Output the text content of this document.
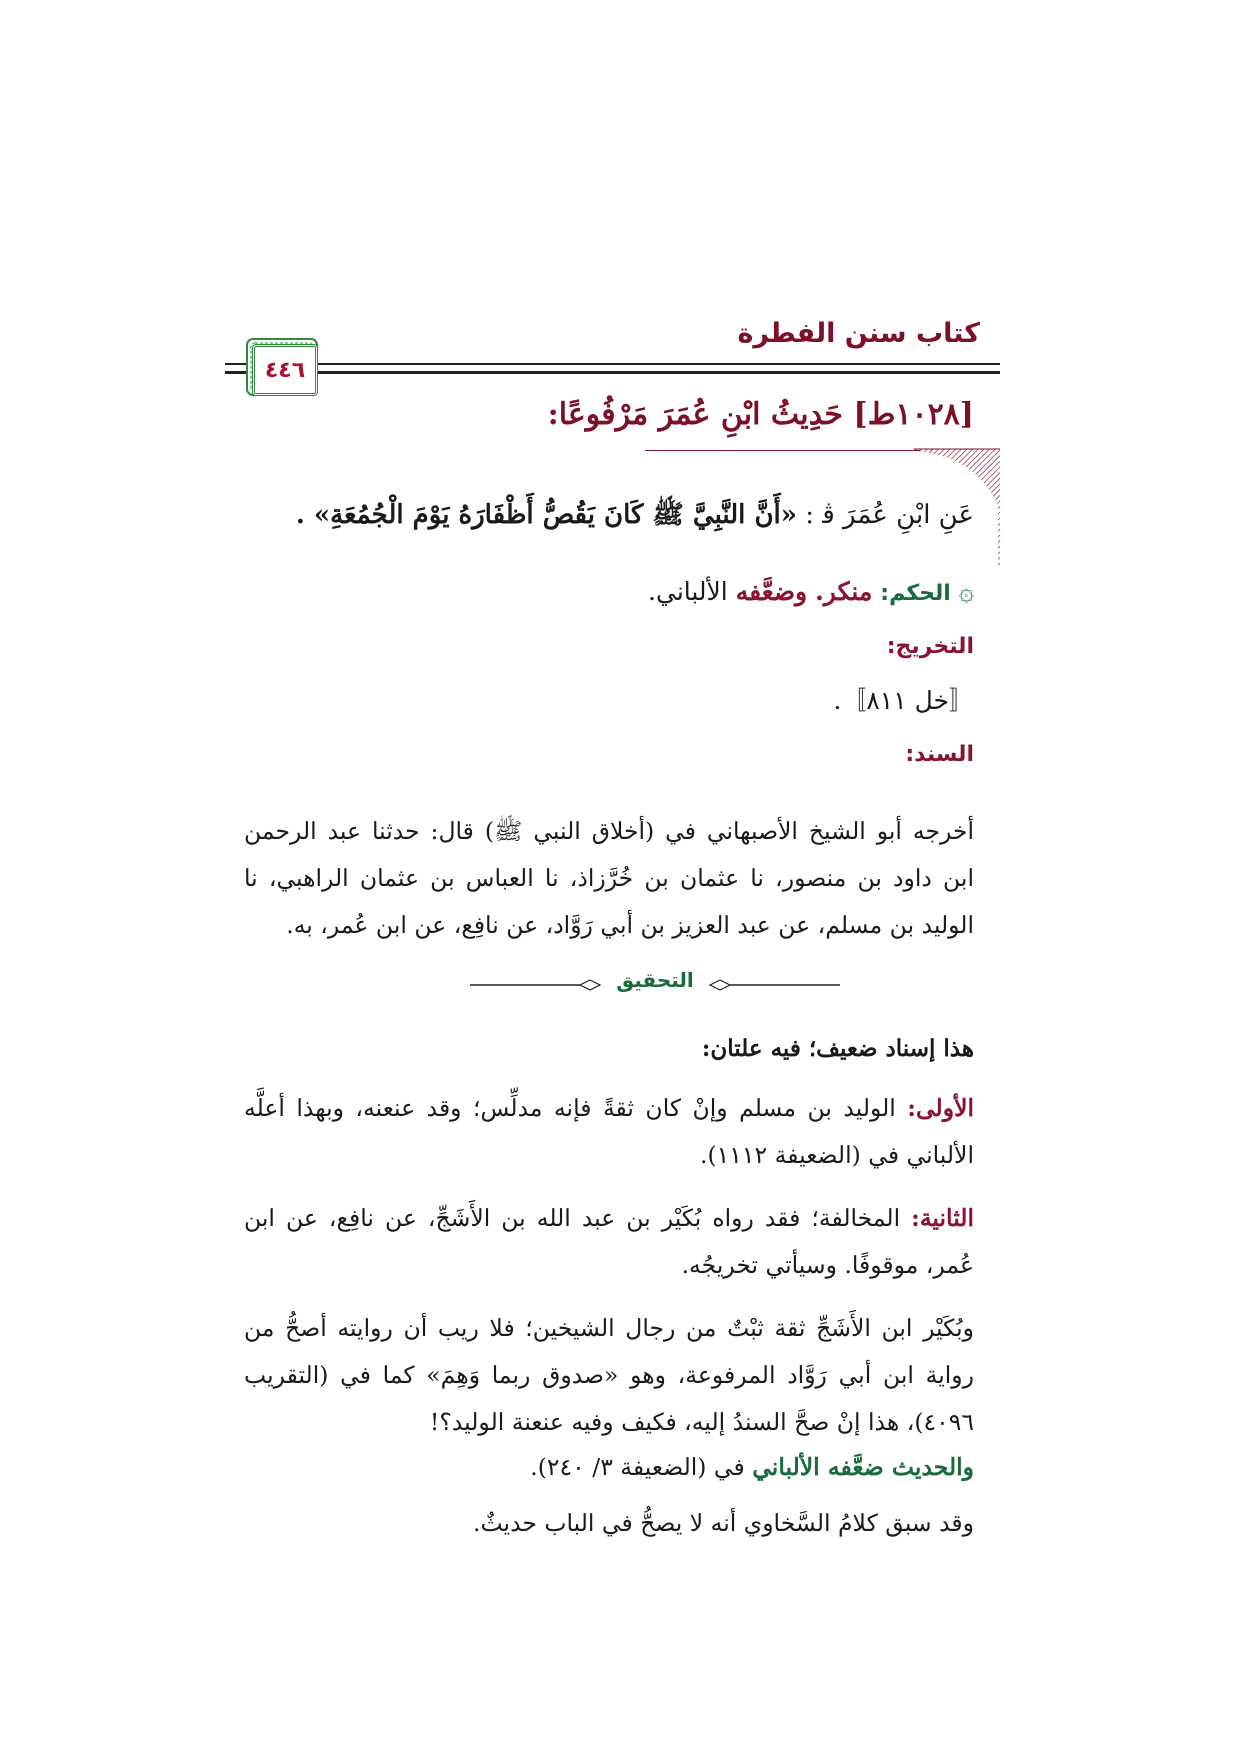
كتاب سنن الفطرة
٤٤٦
[١٠٢٨ط] حَدِيثُ ابْنِ عُمَرَ مَرْفُوعًا:
عَنِ ابْنِ عُمَرَ ﭬ : «أَنَّ النَّبِيَّ ﷺ كَانَ يَقُصُّ أَظْفَارَهُ يَوْمَ الْجُمُعَةِ» .
۞ الحكم: منكر. وضعَّفه الألباني.
التخريج:
〚خل ٨١١〛.
السند:
أخرجه أبو الشيخ الأصبهاني في (أخلاق النبي ﷺ) قال: حدثنا عبد الرحمن ابن داود بن منصور، نا عثمان بن خُرَّزاذ، نا العباس بن عثمان الراهبي، نا الوليد بن مسلم، عن عبد العزيز بن أبي رَوَّاد، عن نافِع، عن ابن عُمر، به.
التحقيق
هذا إسناد ضعيف؛ فيه علتان:
الأولى: الوليد بن مسلم وإنْ كان ثقةً فإنه مدلِّس؛ وقد عنعنه، وبهذا أعلَّه الألباني في (الضعيفة ١١١٢).
الثانية: المخالفة؛ فقد رواه بُكَيْر بن عبد الله بن الأَشَجِّ، عن نافِع، عن ابن عُمر، موقوفًا. وسيأتي تخريجُه.
وبُكَيْر ابن الأَشَجِّ ثقة ثبْتٌ من رجال الشيخين؛ فلا ريب أن روايته أصحُّ من رواية ابن أبي رَوَّاد المرفوعة، وهو «صدوق ربما وَهِمَ» كما في (التقريب ٤٠٩٦)، هذا إنْ صحَّ السندُ إليه، فكيف وفيه عنعنة الوليد؟!
والحديث ضعَّفه الألباني في (الضعيفة ٣/ ٢٤٠).
وقد سبق كلامُ السَّخاوي أنه لا يصحُّ في الباب حديثٌ.
